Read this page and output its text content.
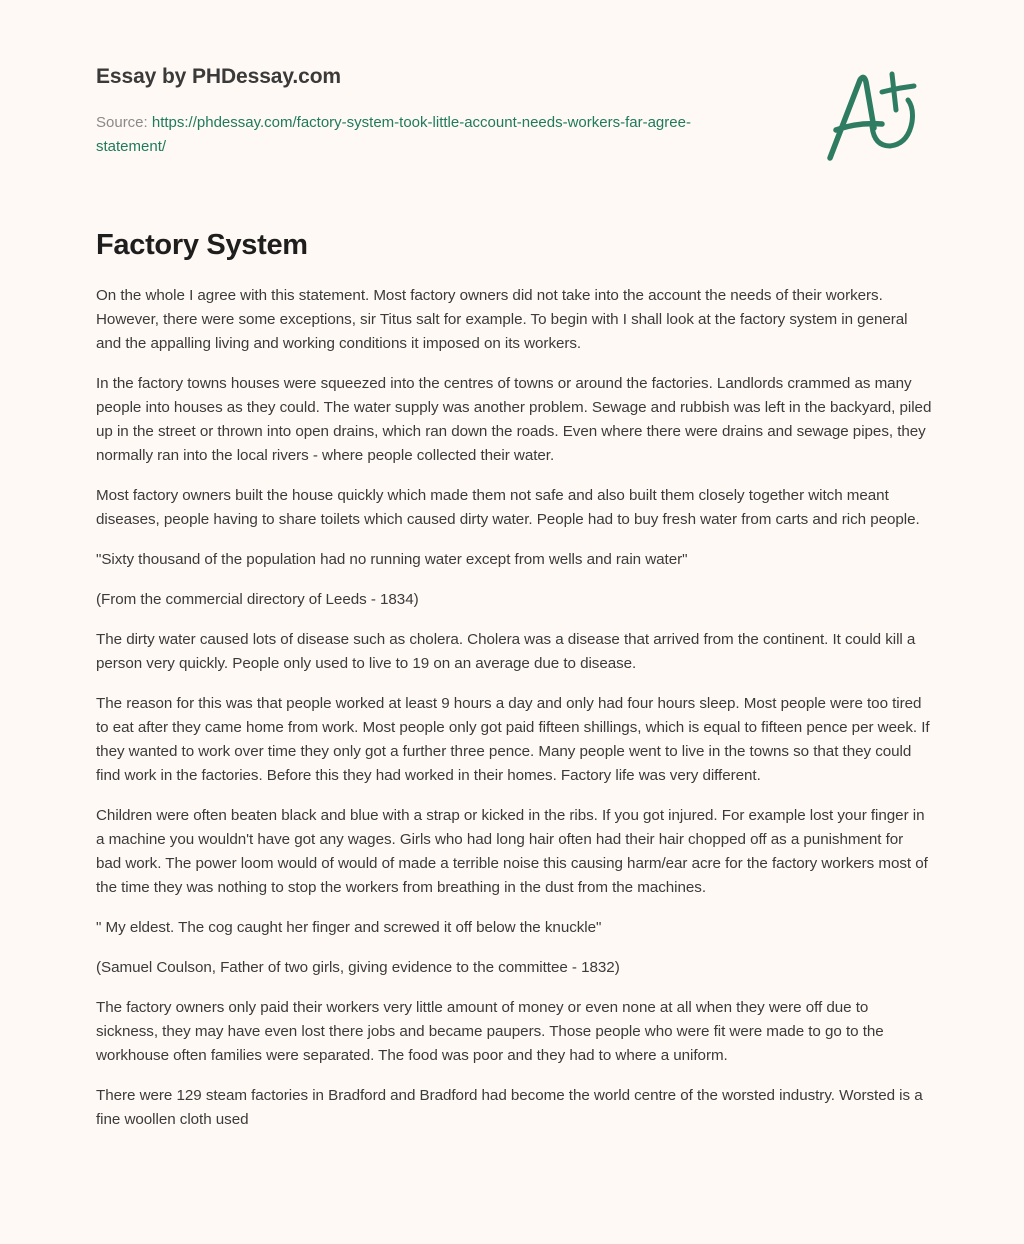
Essay by PHDessay.com
Source: https://phdessay.com/factory-system-took-little-account-needs-workers-far-agree-statement/
Factory System

On the whole I agree with this statement. Most factory owners did not take into the account the needs of their workers. However, there were some exceptions, sir Titus salt for example. To begin with I shall look at the factory system in general and the appalling living and working conditions it imposed on its workers.

In the factory towns houses were squeezed into the centres of towns or around the factories. Landlords crammed as many people into houses as they could. The water supply was another problem. Sewage and rubbish was left in the backyard, piled up in the street or thrown into open drains, which ran down the roads. Even where there were drains and sewage pipes, they normally ran into the local rivers - where people collected their water.

Most factory owners built the house quickly which made them not safe and also built them closely together witch meant diseases, people having to share toilets which caused dirty water. People had to buy fresh water from carts and rich people.

"Sixty thousand of the population had no running water except from wells and rain water"

(From the commercial directory of Leeds - 1834)

The dirty water caused lots of disease such as cholera. Cholera was a disease that arrived from the continent. It could kill a person very quickly. People only used to live to 19 on an average due to disease.

The reason for this was that people worked at least 9 hours a day and only had four hours sleep. Most people were too tired to eat after they came home from work. Most people only got paid fifteen shillings, which is equal to fifteen pence per week. If they wanted to work over time they only got a further three pence. Many people went to live in the towns so that they could find work in the factories. Before this they had worked in their homes. Factory life was very different.

Children were often beaten black and blue with a strap or kicked in the ribs. If you got injured. For example lost your finger in a machine you wouldn't have got any wages. Girls who had long hair often had their hair chopped off as a punishment for bad work. The power loom would of would of made a terrible noise this causing harm/ear acre for the factory workers most of the time they was nothing to stop the workers from breathing in the dust from the machines.

" My eldest. The cog caught her finger and screwed it off below the knuckle"

(Samuel Coulson, Father of two girls, giving evidence to the committee - 1832)

The factory owners only paid their workers very little amount of money or even none at all when they were off due to sickness, they may have even lost there jobs and became paupers. Those people who were fit were made to go to the workhouse often families were separated. The food was poor and they had to where a uniform.

There were 129 steam factories in Bradford and Bradford had become the world centre of the worsted industry. Worsted is a fine woollen cloth used
